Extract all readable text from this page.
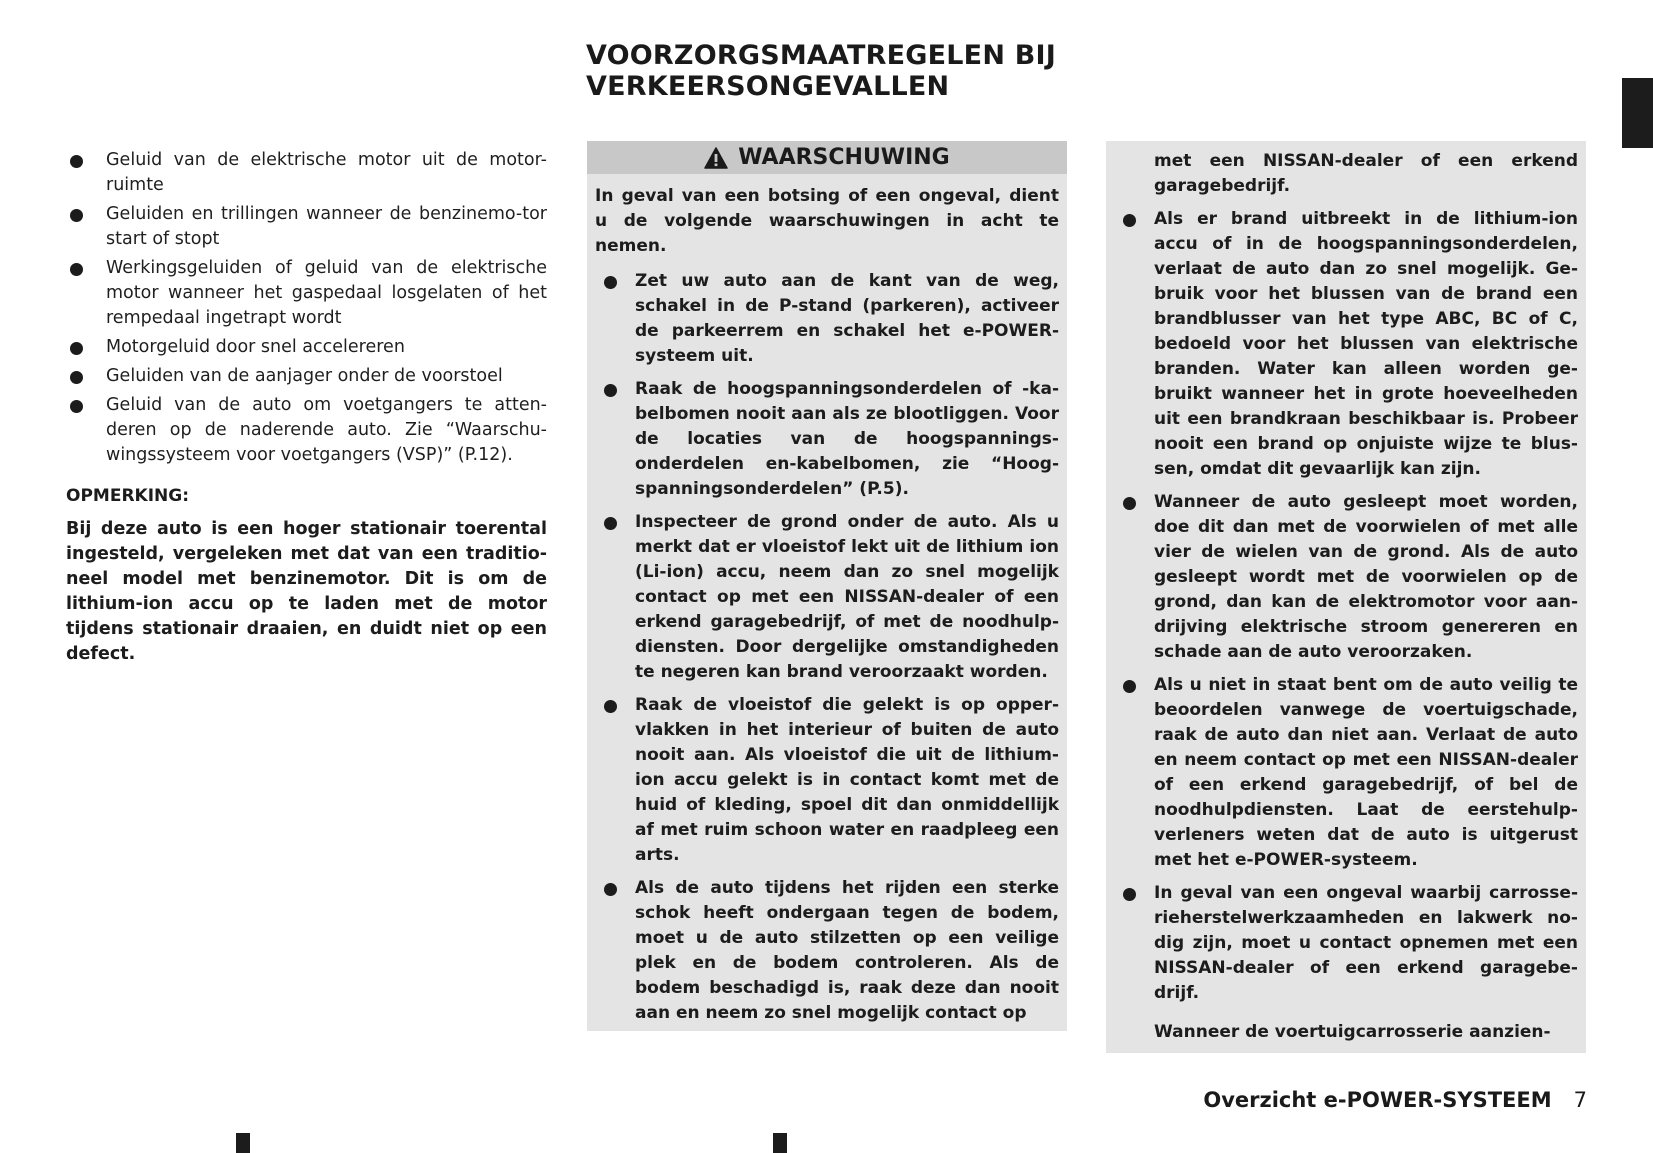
VOORZORGSMAATREGELEN BIJ
VERKEERSONGEVALLEN
Geluid van de elektrische motor uit de motor-ruimte
Geluiden en trillingen wanneer de benzinemo-tor start of stopt
Werkingsgeluiden of geluid van de elektrische motor wanneer het gaspedaal losgelaten of het rempedaal ingetrapt wordt
Motorgeluid door snel accelereren
Geluiden van de aanjager onder de voorstoel
Geluid van de auto om voetgangers te atten-deren op de naderende auto. Zie “Waarschu-wingssysteem voor voetgangers (VSP)” (P.12).
OPMERKING:
Bij deze auto is een hoger stationair toerental ingesteld, vergeleken met dat van een traditio-neel model met benzinemotor. Dit is om de lithium-ion accu op te laden met de motor tijdens stationair draaien, en duidt niet op een defect.
WAARSCHUWING
In geval van een botsing of een ongeval, dient u de volgende waarschuwingen in acht te nemen.
Zet uw auto aan de kant van de weg, schakel in de P-stand (parkeren), activeer de parkeerrem en schakel het e-POWER-systeem uit.
Raak de hoogspanningsonderdelen of -ka-belbomen nooit aan als ze blootliggen. Voor de locaties van de hoogspannings-onderdelen en-kabelbomen, zie “Hoog-spanningsonderdelen” (P.5).
Inspecteer de grond onder de auto. Als u merkt dat er vloeistof lekt uit de lithium ion (Li-ion) accu, neem dan zo snel mogelijk contact op met een NISSAN-dealer of een erkend garagebedrijf, of met de noodhulp-diensten. Door dergelijke omstandigheden te negeren kan brand veroorzaakt worden.
Raak de vloeistof die gelekt is op opper-vlakken in het interieur of buiten de auto nooit aan. Als vloeistof die uit de lithium-ion accu gelekt is in contact komt met de huid of kleding, spoel dit dan onmiddellijk af met ruim schoon water en raadpleeg een arts.
Als de auto tijdens het rijden een sterke schok heeft ondergaan tegen de bodem, moet u de auto stilzetten op een veilige plek en de bodem controleren. Als de bodem beschadigd is, raak deze dan nooit aan en neem zo snel mogelijk contact op
met een NISSAN-dealer of een erkend garagebedrijf.
Als er brand uitbreekt in de lithium-ion accu of in de hoogspanningsonderdelen, verlaat de auto dan zo snel mogelijk. Ge-bruik voor het blussen van de brand een brandblusser van het type ABC, BC of C, bedoeld voor het blussen van elektrische branden. Water kan alleen worden ge-bruikt wanneer het in grote hoeveelheden uit een brandkraan beschikbaar is. Probeer nooit een brand op onjuiste wijze te blus-sen, omdat dit gevaarlijk kan zijn.
Wanneer de auto gesleept moet worden, doe dit dan met de voorwielen of met alle vier de wielen van de grond. Als de auto gesleept wordt met de voorwielen op de grond, dan kan de elektromotor voor aan-drijving elektrische stroom genereren en schade aan de auto veroorzaken.
Als u niet in staat bent om de auto veilig te beoordelen vanwege de voertuigschade, raak de auto dan niet aan. Verlaat de auto en neem contact op met een NISSAN-dealer of een erkend garagebedrijf, of bel de noodhulpdiensten. Laat de eerstehulp-verleners weten dat de auto is uitgerust met het e-POWER-systeem.
In geval van een ongeval waarbij carrosse-rieherstelwerkzaamheden en lakwerk no-dig zijn, moet u contact opnemen met een NISSAN-dealer of een erkend garagebe-drijf.
Wanneer de voertuigcarrosserie aanzien-
Overzicht e-POWER-SYSTEEM 7
